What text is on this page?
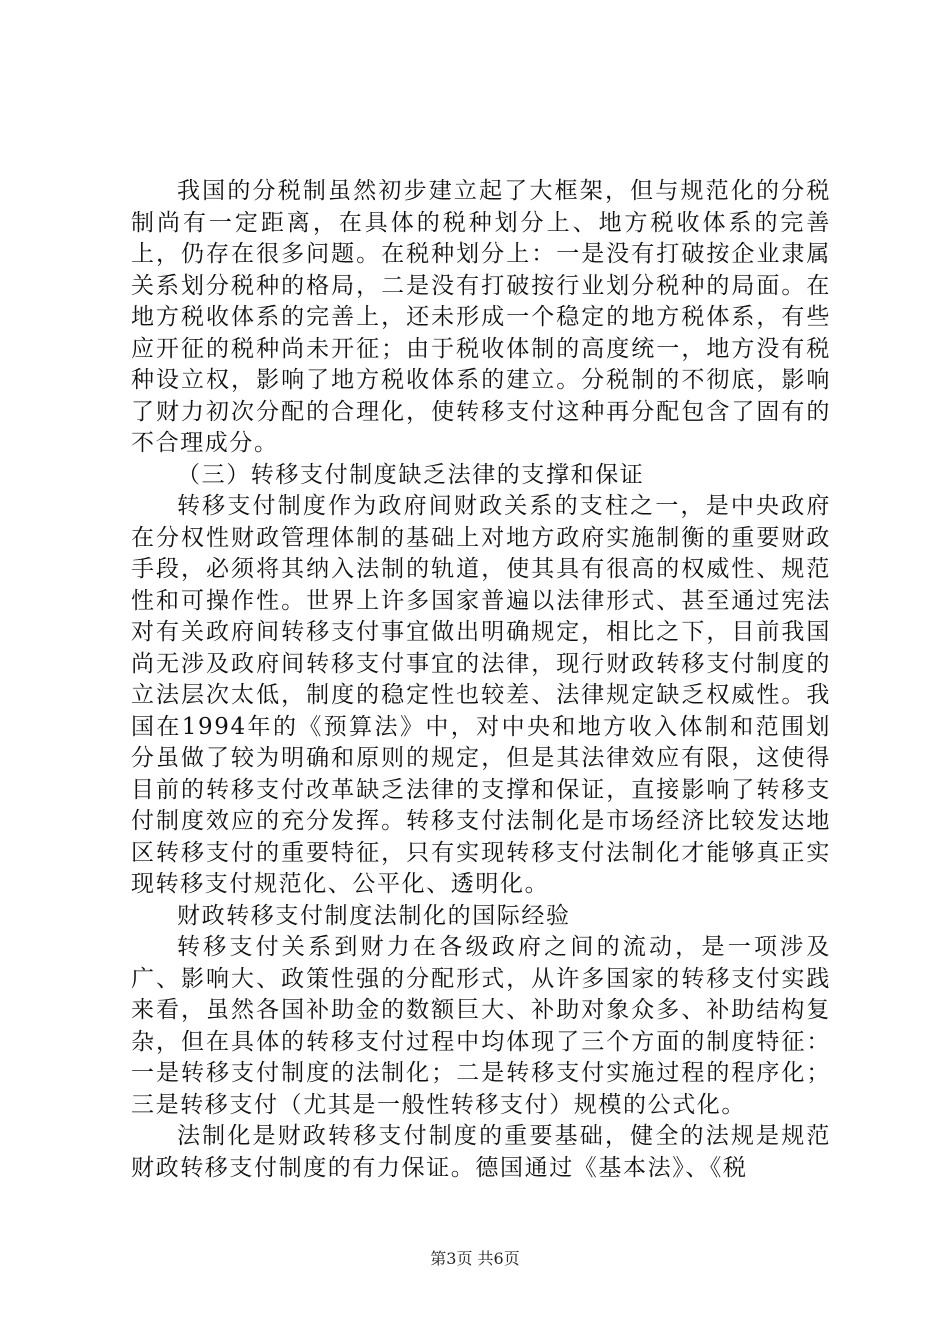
我国的分税制虽然初步建立起了大框架，但与规范化的分税制尚有一定距离，在具体的税种划分上、地方税收体系的完善上，仍存在很多问题。在税种划分上：一是没有打破按企业隶属关系划分税种的格局，二是没有打破按行业划分税种的局面。在地方税收体系的完善上，还未形成一个稳定的地方税体系，有些应开征的税种尚未开征；由于税收体制的高度统一，地方没有税种设立权，影响了地方税收体系的建立。分税制的不彻底，影响了财力初次分配的合理化，使转移支付这种再分配包含了固有的不合理成分。

（三）转移支付制度缺乏法律的支撑和保证

转移支付制度作为政府间财政关系的支柱之一，是中央政府在分权性财政管理体制的基础上对地方政府实施制衡的重要财政手段，必须将其纳入法制的轨道，使其具有很高的权威性、规范性和可操作性。世界上许多国家普遍以法律形式、甚至通过宪法对有关政府间转移支付事宜做出明确规定，相比之下，目前我国尚无涉及政府间转移支付事宜的法律，现行财政转移支付制度的立法层次太低，制度的稳定性也较差、法律规定缺乏权威性。我国在1994年的《预算法》中，对中央和地方收入体制和范围划分虽做了较为明确和原则的规定，但是其法律效应有限，这使得目前的转移支付改革缺乏法律的支撑和保证，直接影响了转移支付制度效应的充分发挥。转移支付法制化是市场经济比较发达地区转移支付的重要特征，只有实现转移支付法制化才能够真正实现转移支付规范化、公平化、透明化。

财政转移支付制度法制化的国际经验

转移支付关系到财力在各级政府之间的流动，是一项涉及广、影响大、政策性强的分配形式，从许多国家的转移支付实践来看，虽然各国补助金的数额巨大、补助对象众多、补助结构复杂，但在具体的转移支付过程中均体现了三个方面的制度特征：一是转移支付制度的法制化；二是转移支付实施过程的程序化；三是转移支付（尤其是一般性转移支付）规模的公式化。

法制化是财政转移支付制度的重要基础，健全的法规是规范财政转移支付制度的有力保证。德国通过《基本法》、《税

第3页 共6页
